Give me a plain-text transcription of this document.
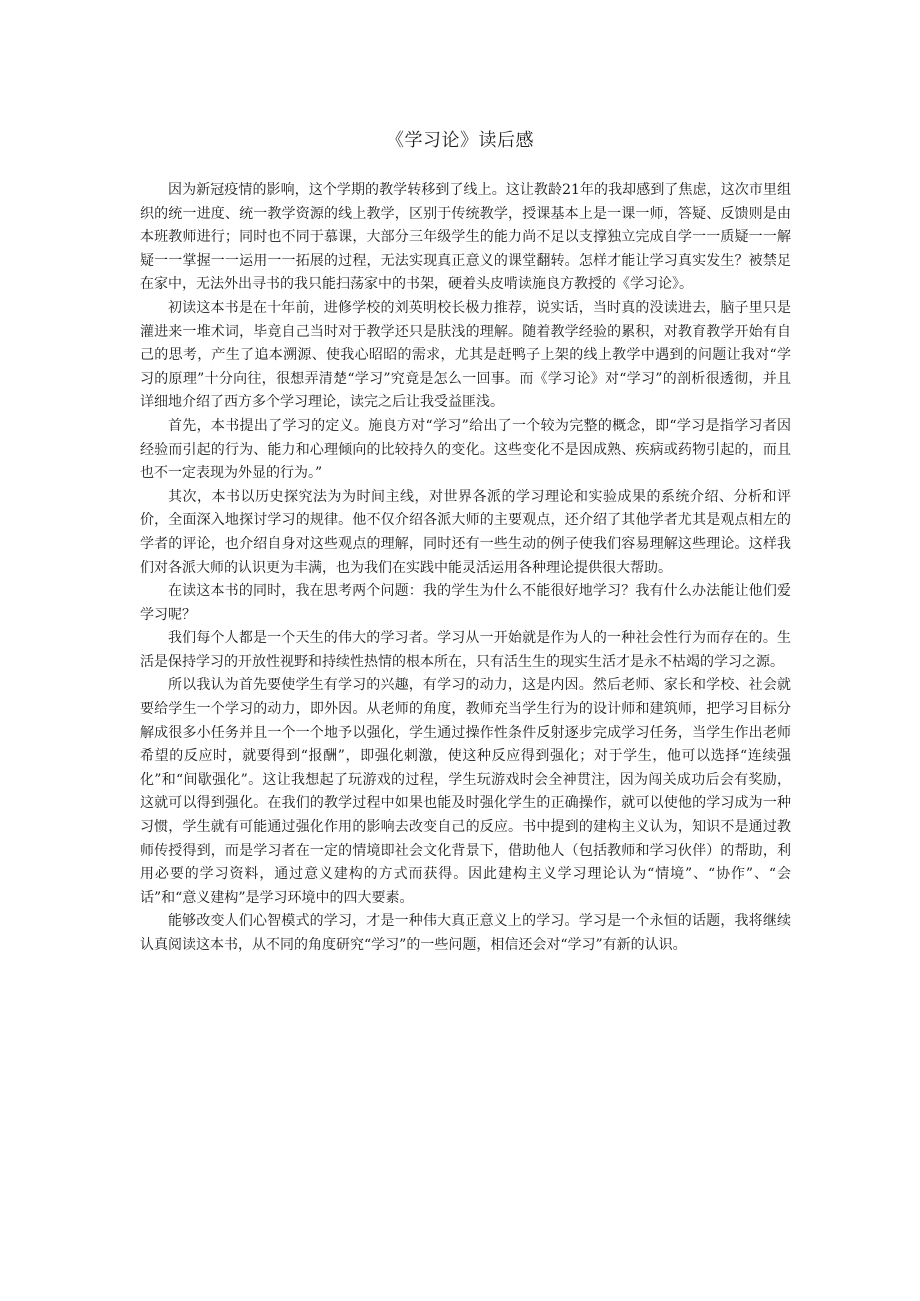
《学习论》读后感

因为新冠疫情的影响，这个学期的教学转移到了线上。这让教龄21年的我却感到了焦虑，这次市里组织的统一进度、统一教学资源的线上教学，区别于传统教学，授课基本上是一课一师，答疑、反馈则是由本班教师进行；同时也不同于慕课，大部分三年级学生的能力尚不足以支撑独立完成自学一一质疑一一解疑一一掌握一一运用一一拓展的过程，无法实现真正意义的课堂翻转。怎样才能让学习真实发生？被禁足在家中，无法外出寻书的我只能扫荡家中的书架，硬着头皮啃读施良方教授的《学习论》。

初读这本书是在十年前，进修学校的刘英明校长极力推荐，说实话，当时真的没读进去，脑子里只是灌进来一堆术词，毕竟自己当时对于教学还只是肤浅的理解。随着教学经验的累积，对教育教学开始有自己的思考，产生了追本溯源、使我心昭昭的需求，尤其是赶鸭子上架的线上教学中遇到的问题让我对“学习的原理”十分向往，很想弄清楚“学习”究竟是怎么一回事。而《学习论》对“学习”的剖析很透彻，并且详细地介绍了西方多个学习理论，读完之后让我受益匪浅。

首先，本书提出了学习的定义。施良方对“学习”给出了一个较为完整的概念，即“学习是指学习者因经验而引起的行为、能力和心理倾向的比较持久的变化。这些变化不是因成熟、疾病或药物引起的，而且也不一定表现为外显的行为。”

其次，本书以历史探究法为为时间主线，对世界各派的学习理论和实验成果的系统介绍、分析和评价，全面深入地探讨学习的规律。他不仅介绍各派大师的主要观点，还介绍了其他学者尤其是观点相左的学者的评论，也介绍自身对这些观点的理解，同时还有一些生动的例子使我们容易理解这些理论。这样我们对各派大师的认识更为丰满，也为我们在实践中能灵活运用各种理论提供很大帮助。

在读这本书的同时，我在思考两个问题：我的学生为什么不能很好地学习？我有什么办法能让他们爱学习呢？

我们每个人都是一个天生的伟大的学习者。学习从一开始就是作为人的一种社会性行为而存在的。生活是保持学习的开放性视野和持续性热情的根本所在，只有活生生的现实生活才是永不枯竭的学习之源。

所以我认为首先要使学生有学习的兴趣，有学习的动力，这是内因。然后老师、家长和学校、社会就要给学生一个学习的动力，即外因。从老师的角度，教师充当学生行为的设计师和建筑师，把学习目标分解成很多小任务并且一个一个地予以强化，学生通过操作性条件反射逐步完成学习任务，当学生作出老师希望的反应时，就要得到“报酬”，即强化刺激，使这种反应得到强化；对于学生，他可以选择“连续强化”和“间歇强化”。这让我想起了玩游戏的过程，学生玩游戏时会全神贯注，因为闯关成功后会有奖励，这就可以得到强化。在我们的教学过程中如果也能及时强化学生的正确操作，就可以使他的学习成为一种习惯，学生就有可能通过强化作用的影响去改变自己的反应。书中提到的建构主义认为，知识不是通过教师传授得到，而是学习者在一定的情境即社会文化背景下，借助他人（包括教师和学习伙伴）的帮助，利用必要的学习资料，通过意义建构的方式而获得。因此建构主义学习理论认为“情境”、“协作”、“会话”和“意义建构”是学习环境中的四大要素。

能够改变人们心智模式的学习，才是一种伟大真正意义上的学习。学习是一个永恒的话题，我将继续认真阅读这本书，从不同的角度研究“学习”的一些问题，相信还会对“学习”有新的认识。
